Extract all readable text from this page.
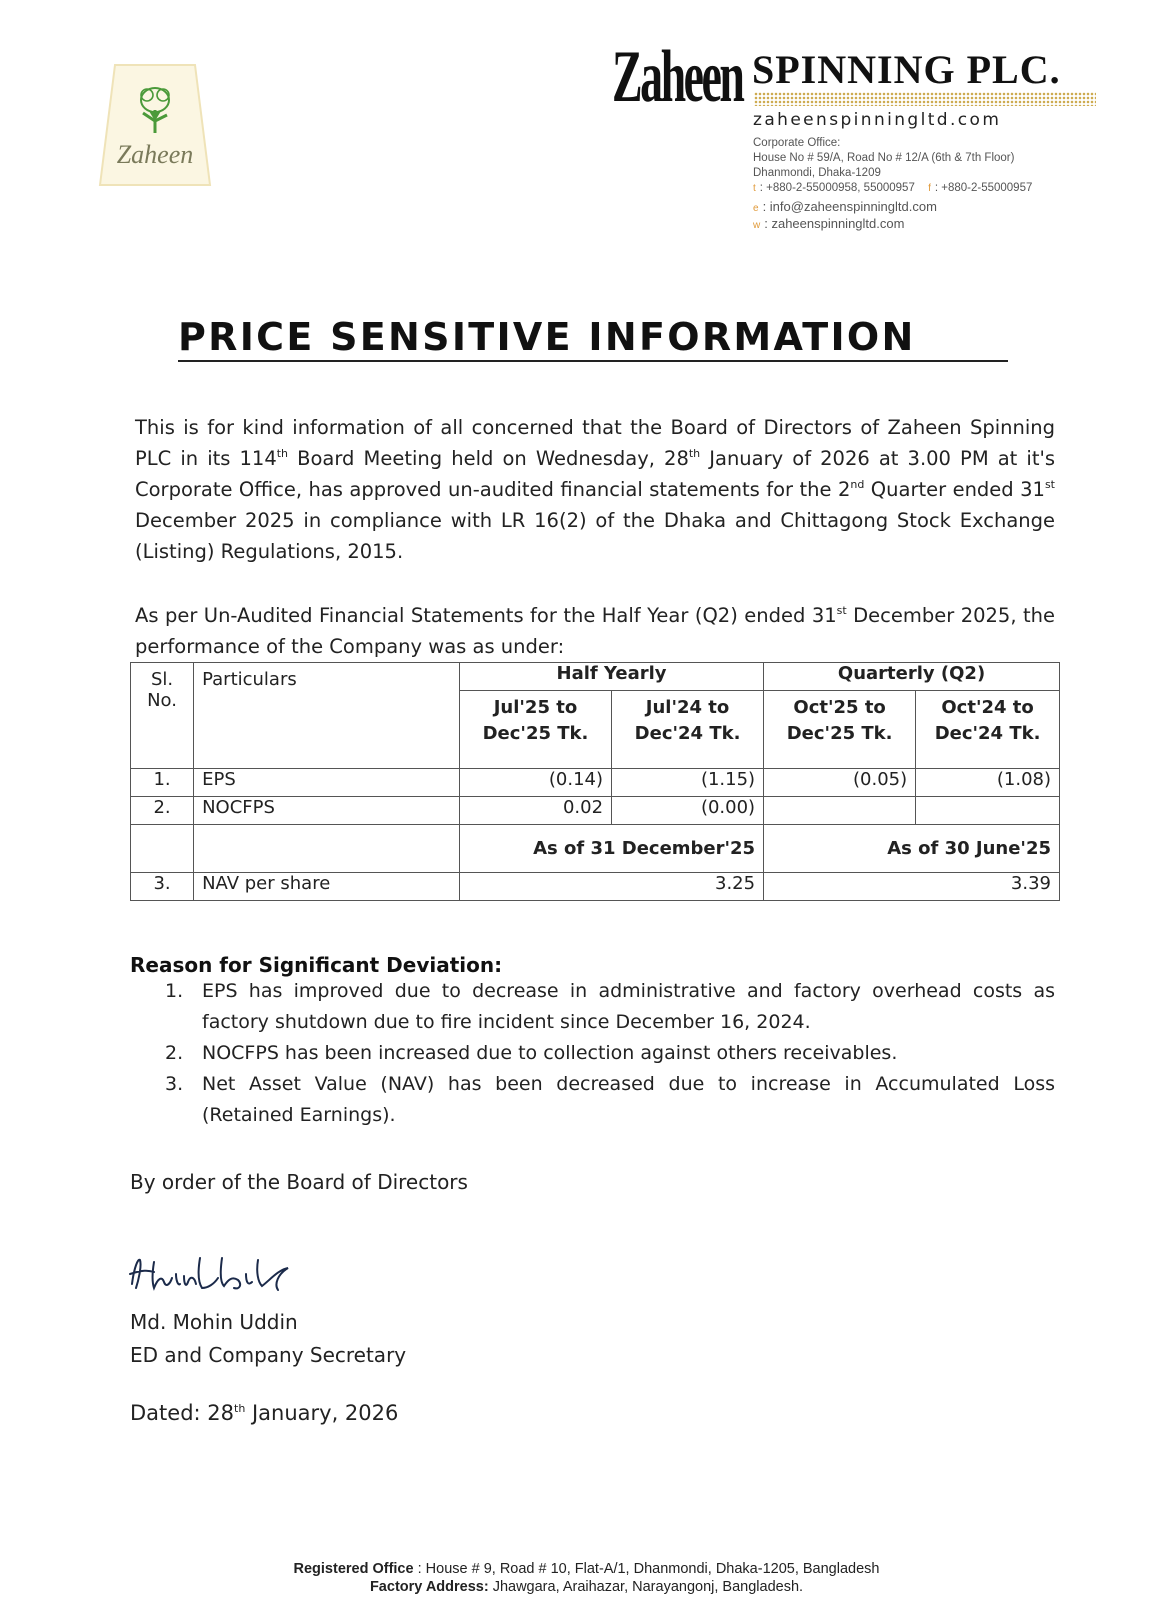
Zaheen
Zaheen SPINNING PLC.
zaheenspinningltd.com
Corporate Office:
House No # 59/A, Road No # 12/A (6th & 7th Floor)
Dhanmondi, Dhaka-1209
t : +880-2-55000958, 55000957 f : +880-2-55000957
e : info@zaheenspinningltd.com
w : zaheenspinningltd.com
PRICE SENSITIVE INFORMATION
This is for kind information of all concerned that the Board of Directors of Zaheen Spinning PLC in its 114th Board Meeting held on Wednesday, 28th January of 2026 at 3.00 PM at it's Corporate Office, has approved un-audited financial statements for the 2nd Quarter ended 31st December 2025 in compliance with LR 16(2) of the Dhaka and Chittagong Stock Exchange (Listing) Regulations, 2015.
As per Un-Audited Financial Statements for the Half Year (Q2) ended 31st December 2025, the performance of the Company was as under:
Sl. No.	Particulars	Half Yearly		Quarterly (Q2)	
		Jul'25 to Dec'25 Tk.	Jul'24 to Dec'24 Tk.	Oct'25 to Dec'25 Tk.	Oct'24 to Dec'24 Tk.
1.	EPS	(0.14)	(1.15)	(0.05)	(1.08)
2.	NOCFPS	0.02	(0.00)		
		As of 31 December'25		As of 30 June'25	
3.	NAV per share	3.25		3.39	
Reason for Significant Deviation:
1. EPS has improved due to decrease in administrative and factory overhead costs as factory shutdown due to fire incident since December 16, 2024.
2. NOCFPS has been increased due to collection against others receivables.
3. Net Asset Value (NAV) has been decreased due to increase in Accumulated Loss (Retained Earnings).
By order of the Board of Directors
Md. Mohin Uddin
ED and Company Secretary
Dated: 28th January, 2026
Registered Office : House # 9, Road # 10, Flat-A/1, Dhanmondi, Dhaka-1205, Bangladesh
Factory Address: Jhawgara, Araihazar, Narayangonj, Bangladesh.
